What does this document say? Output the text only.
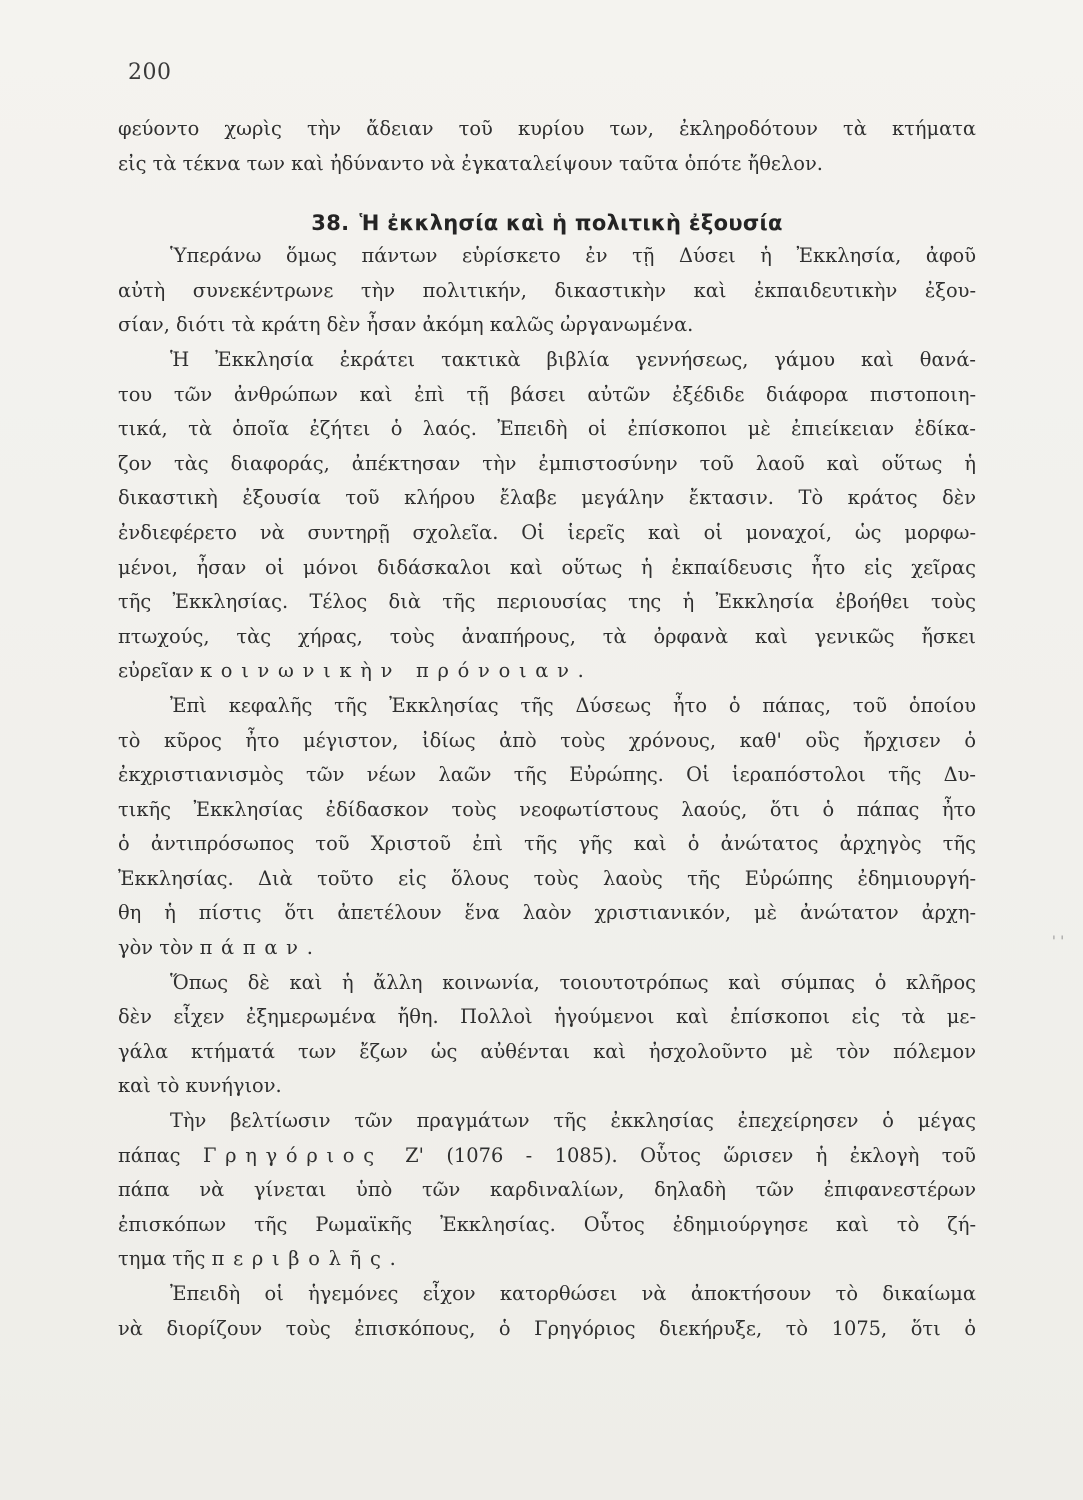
200
φεύοντο χωρὶς τὴν ἄδειαν τοῦ κυρίου των, ἐκληροδότουν τὰ κτήματα
εἰς τὰ τέκνα των καὶ ἠδύναντο νὰ ἐγκαταλείψουν ταῦτα ὁπότε ἤθελον.
38. Ἡ ἐκκλησία καὶ ἡ πολιτικὴ ἐξουσία
Ὑπεράνω ὅμως πάντων εὑρίσκετο ἐν τῇ Δύσει ἡ Ἐκκλησία, ἀφοῦ
αὐτὴ συνεκέντρωνε τὴν πολιτικήν, δικαστικὴν καὶ ἐκπαιδευτικὴν ἐξου-
σίαν, διότι τὰ κράτη δὲν ἦσαν ἀκόμη καλῶς ὠργανωμένα.
Ἡ Ἐκκλησία ἐκράτει τακτικὰ βιβλία γεννήσεως, γάμου καὶ θανά-
του τῶν ἀνθρώπων καὶ ἐπὶ τῇ βάσει αὐτῶν ἐξέδιδε διάφορα πιστοποιη-
τικά, τὰ ὁποῖα ἐζήτει ὁ λαός. Ἐπειδὴ οἱ ἐπίσκοποι μὲ ἐπιείκειαν ἐδίκα-
ζον τὰς διαφοράς, ἀπέκτησαν τὴν ἐμπιστοσύνην τοῦ λαοῦ καὶ οὕτως ἡ
δικαστικὴ ἐξουσία τοῦ κλήρου ἔλαβε μεγάλην ἔκτασιν. Τὸ κράτος δὲν
ἐνδιεφέρετο νὰ συντηρῇ σχολεῖα. Οἱ ἱερεῖς καὶ οἱ μοναχοί, ὡς μορφω-
μένοι, ἦσαν οἱ μόνοι διδάσκαλοι καὶ οὕτως ἡ ἐκπαίδευσις ἦτο εἰς χεῖρας
τῆς Ἐκκλησίας. Τέλος διὰ τῆς περιουσίας της ἡ Ἐκκλησία ἐβοήθει τοὺς
πτωχούς, τὰς χήρας, τοὺς ἀναπήρους, τὰ ὀρφανὰ καὶ γενικῶς ἤσκει
εὐρεῖαν κοινωνικὴν πρόνοιαν.
Ἐπὶ κεφαλῆς τῆς Ἐκκλησίας τῆς Δύσεως ἦτο ὁ πάπας, τοῦ ὁποίου
τὸ κῦρος ἦτο μέγιστον, ἰδίως ἀπὸ τοὺς χρόνους, καθ' οὓς ἤρχισεν ὁ
ἐκχριστιανισμὸς τῶν νέων λαῶν τῆς Εὐρώπης. Οἱ ἱεραπόστολοι τῆς Δυ-
τικῆς Ἐκκλησίας ἐδίδασκον τοὺς νεοφωτίστους λαούς, ὅτι ὁ πάπας ἦτο
ὁ ἀντιπρόσωπος τοῦ Χριστοῦ ἐπὶ τῆς γῆς καὶ ὁ ἀνώτατος ἀρχηγὸς τῆς
Ἐκκλησίας. Διὰ τοῦτο εἰς ὅλους τοὺς λαοὺς τῆς Εὐρώπης ἐδημιουργή-
θη ἡ πίστις ὅτι ἀπετέλουν ἕνα λαὸν χριστιανικόν, μὲ ἀνώτατον ἀρχη-
γὸν τὸν πάπαν.
Ὅπως δὲ καὶ ἡ ἄλλη κοινωνία, τοιουτοτρόπως καὶ σύμπας ὁ κλῆρος
δὲν εἶχεν ἐξημερωμένα ἤθη. Πολλοὶ ἡγούμενοι καὶ ἐπίσκοποι εἰς τὰ με-
γάλα κτήματά των ἔζων ὡς αὐθένται καὶ ἠσχολοῦντο μὲ τὸν πόλεμον
καὶ τὸ κυνήγιον.
Τὴν βελτίωσιν τῶν πραγμάτων τῆς ἐκκλησίας ἐπεχείρησεν ὁ μέγας
πάπας Γρηγόριος Ζ' (1076 - 1085). Οὗτος ὥρισεν ἡ ἐκλογὴ τοῦ
πάπα νὰ γίνεται ὑπὸ τῶν καρδιναλίων, δηλαδὴ τῶν ἐπιφανεστέρων
ἐπισκόπων τῆς Ρωμαϊκῆς Ἐκκλησίας. Οὗτος ἐδημιούργησε καὶ τὸ ζή-
τημα τῆς περιβολῆς.
Ἐπειδὴ οἱ ἡγεμόνες εἶχον κατορθώσει νὰ ἀποκτήσουν τὸ δικαίωμα
νὰ διορίζουν τοὺς ἐπισκόπους, ὁ Γρηγόριος διεκήρυξε, τὸ 1075, ὅτι ὁ
' '
